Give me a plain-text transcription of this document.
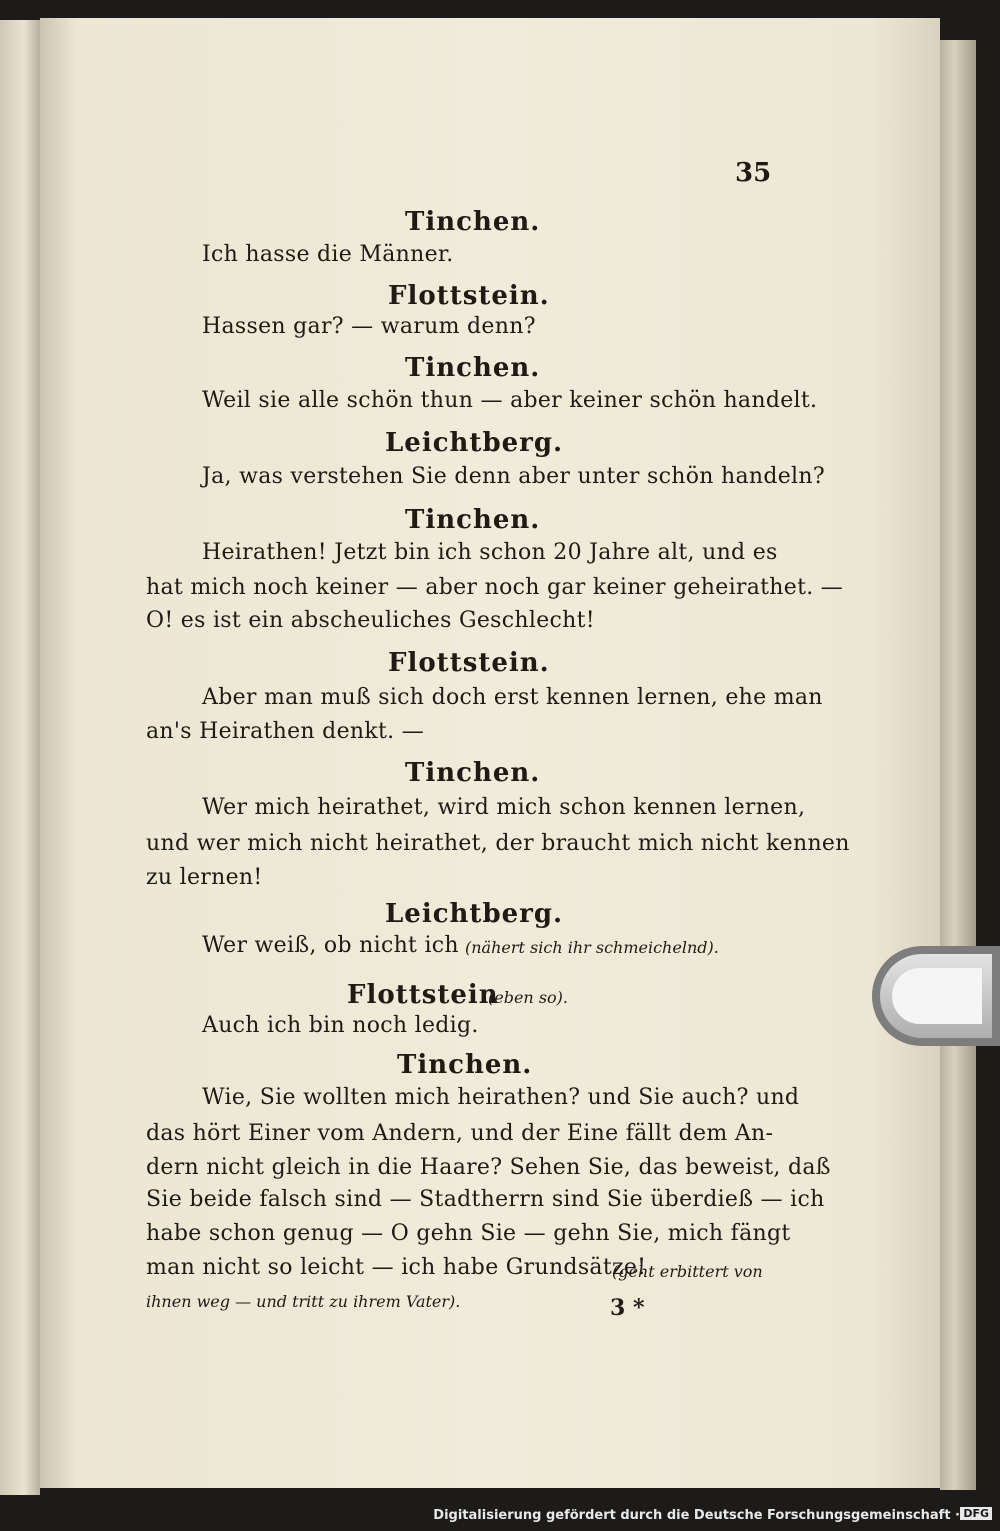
35
Tinchen.
Ich hasse die Männer.
Flottstein.
Hassen gar? — warum denn?
Tinchen.
Weil sie alle schön thun — aber keiner schön handelt.
Leichtberg.
Ja, was verstehen Sie denn aber unter schön handeln?
Tinchen.
Heirathen! Jetzt bin ich schon 20 Jahre alt, und es
hat mich noch keiner — aber noch gar keiner geheirathet. —
O! es ist ein abscheuliches Geschlecht!
Flottstein.
Aber man muß sich doch erst kennen lernen, ehe man
an's Heirathen denkt. —
Tinchen.
Wer mich heirathet, wird mich schon kennen lernen,
und wer mich nicht heirathet, der braucht mich nicht kennen
zu lernen!
Leichtberg.
Wer weiß, ob nicht ich (nähert sich ihr schmeichelnd).
Flottstein
(eben so).
Auch ich bin noch ledig.
Tinchen.
Wie, Sie wollten mich heirathen? und Sie auch? und
das hört Einer vom Andern, und der Eine fällt dem An-
dern nicht gleich in die Haare? Sehen Sie, das beweist, daß
Sie beide falsch sind — Stadtherrn sind Sie überdieß — ich
habe schon genug — O gehn Sie — gehn Sie, mich fängt
man nicht so leicht — ich habe Grundsätze!
(geht erbittert von
ihnen weg — und tritt zu ihrem Vater).	3 *
Digitalisierung gefördert durch die Deutsche Forschungsgemeinschaft · DFG
